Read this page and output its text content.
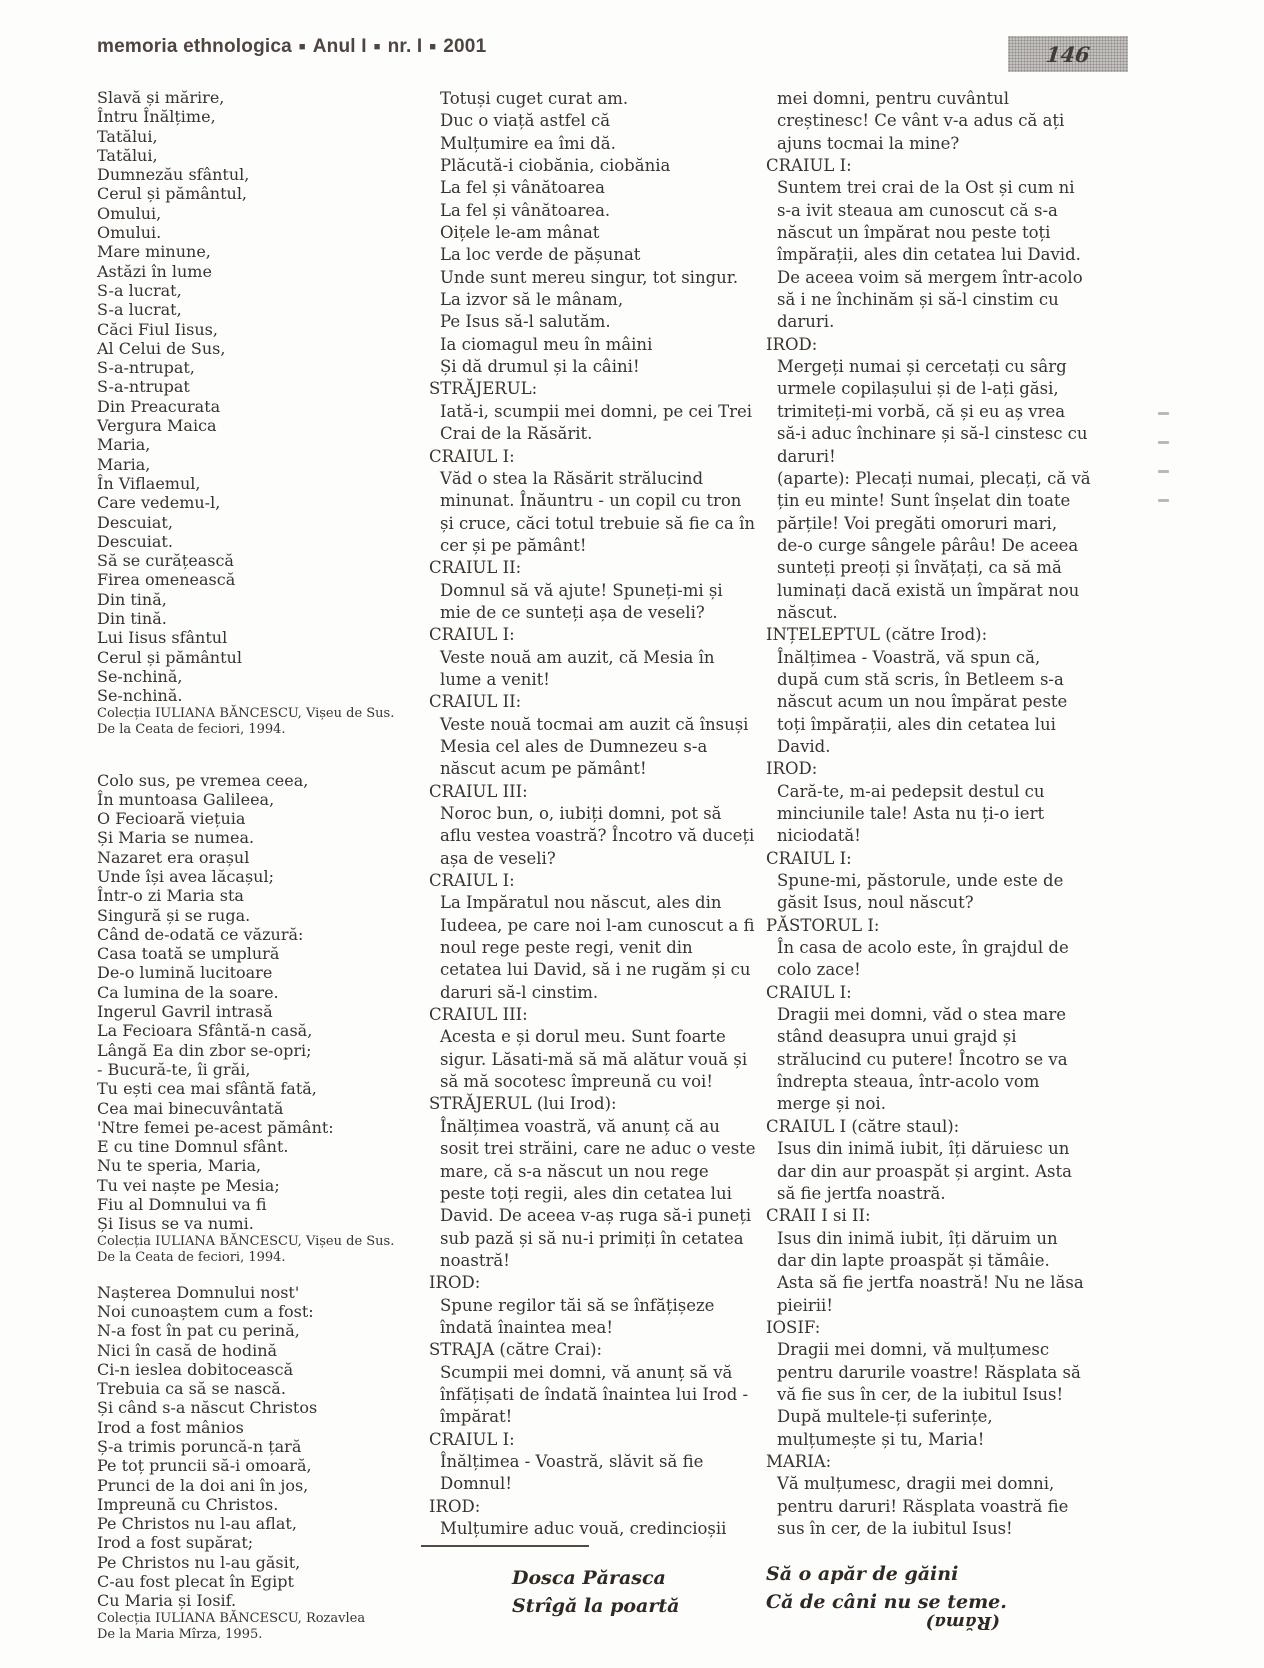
memoria ethnologica ■ Anul I ■ nr. I ■ 2001	146
Slavă și mărire,
Întru Înălțime,
Tatălui,
Tatălui,
Dumnezău sfântul,
Cerul și pământul,
Omului,
Omului.
Mare minune,
Astăzi în lume
S-a lucrat,
S-a lucrat,
Căci Fiul Iisus,
Al Celui de Sus,
S-a-ntrupat,
S-a-ntrupat
Din Preacurata
Vergura Maica
Maria,
Maria,
În Viflaemul,
Care vedemu-l,
Descuiat,
Descuiat.
Să se curățească
Firea omenească
Din tină,
Din tină.
Lui Iisus sfântul
Cerul și pământul
Se-nchină,
Se-nchină.
Colecția IULIANA BĂNCESCU, Vișeu de Sus.
De la Ceata de feciori, 1994.
Colo sus, pe vremea ceea,
În muntoasa Galileea,
O Fecioară viețuia
Și Maria se numea.
Nazaret era orașul
Unde își avea lăcașul;
Într-o zi Maria sta
Singură și se ruga.
Când de-odată ce văzură:
Casa toată se umplură
De-o lumină lucitoare
Ca lumina de la soare.
Ingerul Gavril intrasă
La Fecioara Sfântă-n casă,
Lângă Ea din zbor se-opri;
- Bucură-te, îi grăi,
Tu ești cea mai sfântă fată,
Cea mai binecuvântată
'Ntre femei pe-acest pământ:
E cu tine Domnul sfânt.
Nu te speria, Maria,
Tu vei naște pe Mesia;
Fiu al Domnului va fi
Și Iisus se va numi.
Colecția IULIANA BĂNCESCU, Vișeu de Sus.
De la Ceata de feciori, 1994.
Nașterea Domnului nost'
Noi cunoaștem cum a fost:
N-a fost în pat cu perină,
Nici în casă de hodină
Ci-n ieslea dobitocească
Trebuia ca să se nască.
Și când s-a născut Christos
Irod a fost mânios
Ș-a trimis poruncă-n țară
Pe toț pruncii să-i omoară,
Prunci de la doi ani în jos,
Impreună cu Christos.
Pe Christos nu l-au aflat,
Irod a fost supărat;
Pe Christos nu l-au găsit,
C-au fost plecat în Egipt
Cu Maria și Iosif.
Colecția IULIANA BĂNCESCU, Rozavlea
De la Maria Mîrza, 1995.
Totuși cuget curat am.
Duc o viață astfel că
Mulțumire ea îmi dă.
Plăcută-i ciobănia, ciobănia
La fel și vânătoarea
La fel și vânătoarea.
Oițele le-am mânat
La loc verde de pășunat
Unde sunt mereu singur, tot singur.
La izvor să le mânam,
Pe Isus să-l salutăm.
Ia ciomagul meu în mâini
Și dă drumul și la câini!
STRĂJERUL:
Iată-i, scumpii mei domni, pe cei Trei
Crai de la Răsărit.
CRAIUL I:
Văd o stea la Răsărit strălucind
minunat. Înăuntru - un copil cu tron
și cruce, căci totul trebuie să fie ca în
cer și pe pământ!
CRAIUL II:
Domnul să vă ajute! Spuneți-mi și
mie de ce sunteți așa de veseli?
CRAIUL I:
Veste nouă am auzit, că Mesia în
lume a venit!
CRAIUL II:
Veste nouă tocmai am auzit că însuși
Mesia cel ales de Dumnezeu s-a
născut acum pe pământ!
CRAIUL III:
Noroc bun, o, iubiți domni, pot să
aflu vestea voastră? Încotro vă duceți
așa de veseli?
CRAIUL I:
La Impăratul nou născut, ales din
Iudeea, pe care noi l-am cunoscut a fi
noul rege peste regi, venit din
cetatea lui David, să i ne rugăm și cu
daruri să-l cinstim.
CRAIUL III:
Acesta e și dorul meu. Sunt foarte
sigur. Lăsati-mă să mă alătur vouă și
să mă socotesc împreună cu voi!
STRĂJERUL (lui Irod):
Înălțimea voastră, vă anunț că au
sosit trei străini, care ne aduc o veste
mare, că s-a născut un nou rege
peste toți regii, ales din cetatea lui
David. De aceea v-aș ruga să-i puneți
sub pază și să nu-i primiți în cetatea
noastră!
IROD:
Spune regilor tăi să se înfățișeze
îndată înaintea mea!
STRAJA (către Crai):
Scumpii mei domni, vă anunț să vă
înfățișati de îndată înaintea lui Irod -
împărat!
CRAIUL I:
Înălțimea - Voastră, slăvit să fie
Domnul!
IROD:
Mulțumire aduc vouă, credincioșii
mei domni, pentru cuvântul
creștinesc! Ce vânt v-a adus că ați
ajuns tocmai la mine?
CRAIUL I:
Suntem trei crai de la Ost și cum ni
s-a ivit steaua am cunoscut că s-a
născut un împărat nou peste toți
împărații, ales din cetatea lui David.
De aceea voim să mergem într-acolo
să i ne închinăm și să-l cinstim cu
daruri.
IROD:
Mergeți numai și cercetați cu sârg
urmele copilașului și de l-ați găsi,
trimiteți-mi vorbă, că și eu aș vrea
să-i aduc închinare și să-l cinstesc cu
daruri!
(aparte): Plecați numai, plecați, că vă
țin eu minte! Sunt înșelat din toate
părțile! Voi pregăti omoruri mari,
de-o curge sângele pârâu! De aceea
sunteți preoți și învățați, ca să mă
luminați dacă există un împărat nou
născut.
INȚELEPTUL (către Irod):
Înălțimea - Voastră, vă spun că,
după cum stă scris, în Betleem s-a
născut acum un nou împărat peste
toți împărații, ales din cetatea lui
David.
IROD:
Cară-te, m-ai pedepsit destul cu
minciunile tale! Asta nu ți-o iert
niciodată!
CRAIUL I:
Spune-mi, păstorule, unde este de
găsit Isus, noul născut?
PĂSTORUL I:
În casa de acolo este, în grajdul de
colo zace!
CRAIUL I:
Dragii mei domni, văd o stea mare
stând deasupra unui grajd și
strălucind cu putere! Încotro se va
îndrepta steaua, într-acolo vom
merge și noi.
CRAIUL I (către staul):
Isus din inimă iubit, îți dăruiesc un
dar din aur proaspăt și argint. Asta
să fie jertfa noastră.
CRAII I si II:
Isus din inimă iubit, îți dăruim un
dar din lapte proaspăt și tămâie.
Asta să fie jertfa noastră! Nu ne lăsa
pieirii!
IOSIF:
Dragii mei domni, vă mulțumesc
pentru darurile voastre! Răsplata să
vă fie sus în cer, de la iubitul Isus!
După multele-ți suferințe,
mulțumește și tu, Maria!
MARIA:
Vă mulțumesc, dragii mei domni,
pentru daruri! Răsplata voastră fie
sus în cer, de la iubitul Isus!
Dosca Părasca
Strîgă la poartă
Să o apăr de găini
Că de câni nu se teme.
(Răma)
